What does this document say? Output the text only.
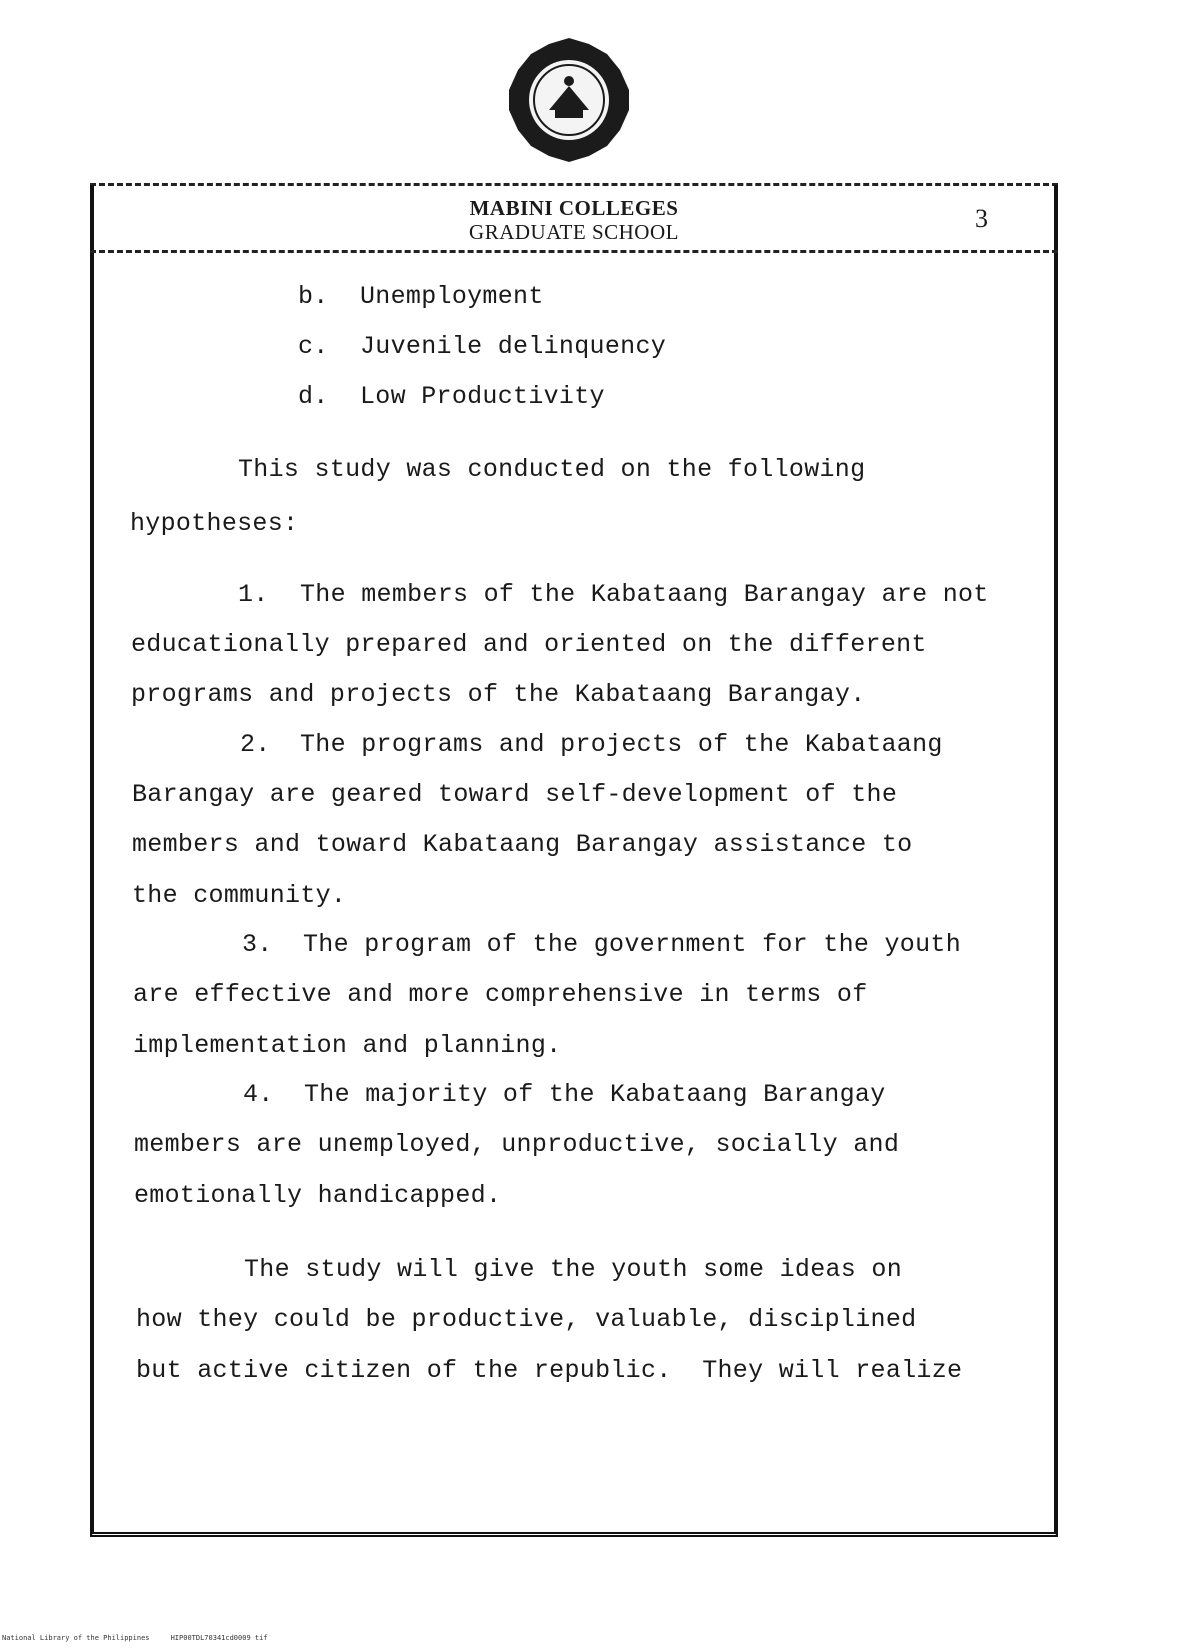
MABINI COLLEGES
GRADUATE SCHOOL	3
b. Unemployment
c. Juvenile delinquency
d. Low Productivity
This study was conducted on the following
hypotheses:
1. The members of the Kabataang Barangay are not
educationally prepared and oriented on the different
programs and projects of the Kabataang Barangay.
2. The programs and projects of the Kabataang
Barangay are geared toward self-development of the
members and toward Kabataang Barangay assistance to
the community.
3. The program of the government for the youth
are effective and more comprehensive in terms of
implementation and planning.
4. The majority of the Kabataang Barangay
members are unemployed, unproductive, socially and
emotionally handicapped.
The study will give the youth some ideas on
how they could be productive, valuable, disciplined
but active citizen of the republic.  They will realize
National Library of the Philippines	HIP00TDL70341cd0009 tif
